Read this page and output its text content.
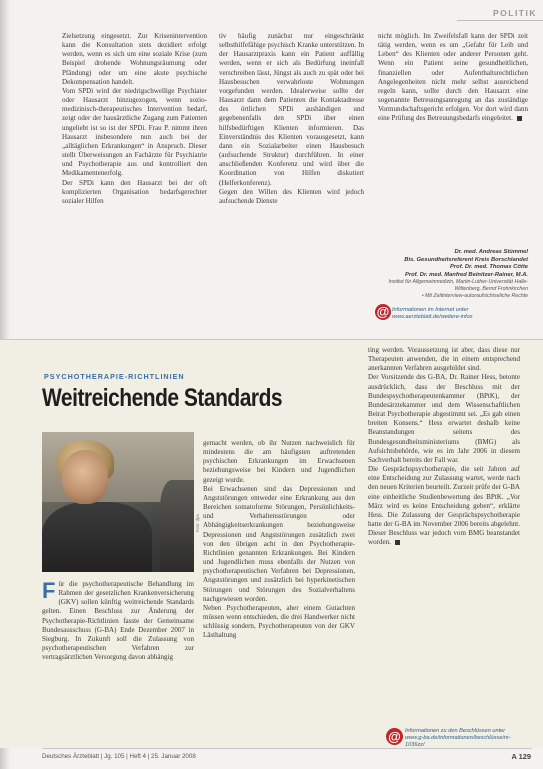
POLITIK

Zielsetzung eingesetzt. Zur Krisenintervention kann die Konsultation stets dezidiert erfolgt werden, wenn es sich um eine soziale Krise (zum Beispiel drohende Wohnungsräumung oder Pfändung) oder um eine akute psychische Dekompensation handelt.

Vom SPDi wird der niedrigschwellige Psychiater oder Hausarzt hinzugezogen, wenn sozio-medizinisch-therapeutisches Intervention bedarf, zeigt oder der hausärztliche Zugang zum Patienten ungeliebt ist so ist der SPDi. Frau P. nimmt ihren Hausarzt insbesondere nun auch bei der „alltäglichen Erkrankungen“ in Anspruch. Dieser stellt Überweisungen an Fachärzte für Psychiatrie und Psychotherapie aus und kontrolliert den Medikamentenerfolg.

Der SPDi kann den Hausarzt bei der oft komplizierten Organisation bedarfsgerechter sozialer Hilfen

tiv häufig zunächst nur eingeschränkt selbsthilfefähige psychisch Kranke unterstützen. In der Hausarztpraxis kann ein Patient auffällig werden, wenn er sich als Bedürfung ineinfall verschreiben lässt, Jüngst als auch zu spät oder bei Hausbesuchen verwahrloste Wohnungen vorgefunden werden. Idealerweise sollte der Hausarzt dann dem Patienten die Kontaktadresse des örtlichen SPDi aushändigen und gegebenenfalls den SPDi über einen hilfsbedürftigen Klienten informieren. Das Einverständnis des Klienten vorausgesetzt, kann dann ein Sozialarbeiter einen Hausbesuch (aufsuchende Struktur) durchführen. In einer anschließenden Konferenz und wird über die Koordination von Hilfen diskutiert (Helferkonferenz).

Gegen den Willen des Klienten wird jedoch aufsuchende Dienste

nicht möglich. Im Zweifelsfall kann der SPDi zeit tätig werden, wenn es um „Gefahr für Leib und Leben“ des Klienten oder anderer Personen geht. Wenn ein Patient seine gesundheitlichen, finanziellen oder Aufenthaltsrechtlichen Angelegenheiten nicht mehr selbst ausreichend regeln kann, sollte durch den Hausarzt eine sogenannte Betreuungsanregung an das zuständige Vormundschaftsgericht erfolgen. Vor dort wird dann eine Prüfung des Betreuungsbedarfs eingeleitet.

Dr. med. Andreas Stümmel
Bis. Gesundheitsreferent Kreis Borschlandet
Prof. Dr. med. Thomas Cötte
Prof. Dr. med. Manfred Beinitzer-Rainer, M.A.
Institut für Allgemeinmedizin, Martin-Luther-Universität Halle-Wittenberg, Bernd Frohnkirchen
• Mit Zeitinterview-autoraufsichtseliche Rechte
@ Informationen im Internet unter www.aerzteblatt.de/weitere-infos
PSYCHOTHERAPIE-RICHTLINIEN
Weitreichende Standards
Foto: dpa

Für die psychotherapeutische Behandlung im Rahmen der gesetzlichen Krankenversicherung (GKV) sollen künftig weitreichende Standards gelten. Einen Beschluss zur Änderung der Psychotherapie-Richtlinien fasste der Gemeinsame Bundesausschuss (G-BA) Ende Dezember 2007 in Siegburg. In Zukunft soll die Zulassung von psychotherapeutischen Verfahren zur vertragsärztlichen Versorgung davon abhängig

gemacht werden, ob ihr Nutzen nachweislich für mindestens die am häufigsten auftretenden psychischen Erkrankungen im Erwachsenen beziehungsweise bei Kindern und Jugendlichen gezeigt wurde.

Bei Erwachsenen sind das Depressionen und Angststörungen entweder eine Erkrankung aus den Bereichen somatoforme Störungen, Persönlichkeits- und Verhaltensstörungen oder Abhängigkeitserkrankungen beziehungsweise Depressionen und Angststörungen zusätzlich zwei von den übrigen acht in den Psychotherapie-Richtlinien genannten Erkrankungen. Bei Kindern und Jugendlichen muss ebenfalls der Nutzen von psychotherapeutischen Verfahren bei Depressionen, Angststörungen und zusätzlich bei hyperkinetischen Störungen und Störungen des Sozialverhaltens nachgewiesen worden.

Neben Psychotherapeuten, aber einem Gutachten müssen wenn entschieden, die drei Handwerker nicht schlüssig sondern, Psychotherapeuten von der GKV Lästhaltung

ting werden. Voraussetzung ist aber, dass diese nur Therapeuten anwenden, die in einem entsprechend anerkannten Verfahren ausgebildet sind.

Der Vorsitzende des G-BA, Dr. Rainer Hess, betonte ausdrücklich, dass der Beschluss mit der Bundespsychotherapeutenkammer (BPtK), der Bundesärztekammer und dem Wissenschaftlichen Beirat Psychotherapie abgestimmt sei. „Es gab einen breiten Konsens.“ Hess erwartet deshalb keine Beanstandungen seitens des Bundesgesundheitsministeriums (BMG) als Aufsichtsbehörde, wie es im Jahr 2006 in diesem Sachverhalt bereits der Fall war.

Die Gesprächspsychotherapie, die seit Jahren auf eine Entscheidung zur Zulassung wartet, werde nach den neuen Kriterien beurteilt. Zurzeit prüfe der G-BA eine einheitliche Studienbewertung des BPtK. „Vor März wird es keine Entscheidung geben“, erklärte Hess. Die Zulassung der Gesprächspsychotherapie hatte der G-BA im November 2006 bereits abgelehnt. Dieser Beschluss war jedoch vom BMG beanstandet worden.

@ Informationen zu den Beschlüssen unter www.g-ba.de/informationen/beschlüsse/nr-1036zz/
Deutsches Ärzteblatt | Jg. 105 | Heft 4 | 25. Januar 2008	A 129
